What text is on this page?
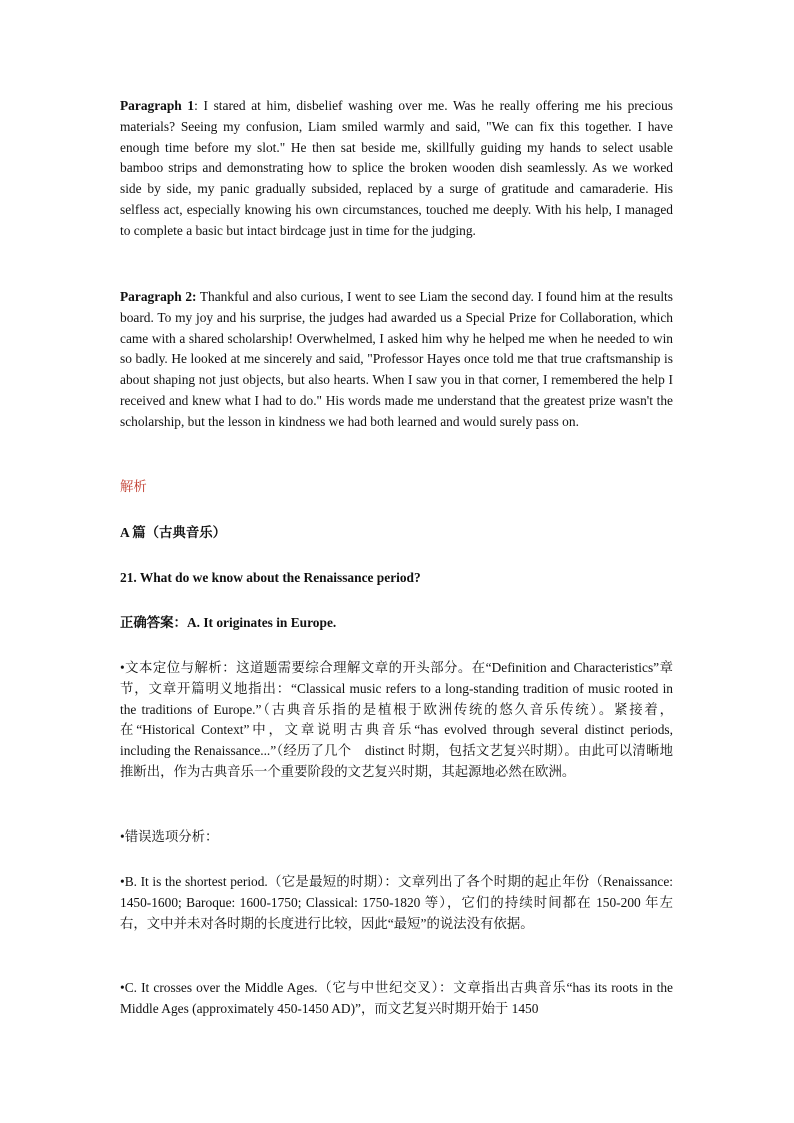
Paragraph 1: I stared at him, disbelief washing over me. Was he really offering me his precious materials? Seeing my confusion, Liam smiled warmly and said, "We can fix this together. I have enough time before my slot." He then sat beside me, skillfully guiding my hands to select usable bamboo strips and demonstrating how to splice the broken wooden dish seamlessly. As we worked side by side, my panic gradually subsided, replaced by a surge of gratitude and camaraderie. His selfless act, especially knowing his own circumstances, touched me deeply. With his help, I managed to complete a basic but intact birdcage just in time for the judging.

Paragraph 2: Thankful and also curious, I went to see Liam the second day. I found him at the results board. To my joy and his surprise, the judges had awarded us a Special Prize for Collaboration, which came with a shared scholarship! Overwhelmed, I asked him why he helped me when he needed to win so badly. He looked at me sincerely and said, "Professor Hayes once told me that true craftsmanship is about shaping not just objects, but also hearts. When I saw you in that corner, I remembered the help I received and knew what I had to do." His words made me understand that the greatest prize wasn't the scholarship, but the lesson in kindness we had both learned and would surely pass on.

解析
A 篇（古典音乐）
21. What do we know about the Renaissance period?
正确答案：A. It originates in Europe.

•文本定位与解析：这道题需要综合理解文章的开头部分。在“Definition and Characteristics”章节，文章开篇明义地指出：“Classical music refers to a long-standing tradition of music rooted in the traditions of Europe.”（古典音乐指的是植根于欧洲传统的悠久音乐传统）。紧接着，在“Historical Context”中，文章说明古典音乐“has evolved through several distinct periods, including the Renaissance...”（经历了几个　distinct 时期，包括文艺复兴时期）。由此可以清晰地推断出，作为古典音乐一个重要阶段的文艺复兴时期，其起源地必然在欧洲。

•错误选项分析：

•B. It is the shortest period.（它是最短的时期）：文章列出了各个时期的起止年份（Renaissance: 1450-1600; Baroque: 1600-1750; Classical: 1750-1820 等），它们的持续时间都在 150-200 年左右，文中并未对各时期的长度进行比较，因此“最短”的说法没有依据。

•C. It crosses over the Middle Ages.（它与中世纪交叉）：文章指出古典音乐“has its roots in the Middle Ages (approximately 450-1450 AD)”，而文艺复兴时期开始于 1450
